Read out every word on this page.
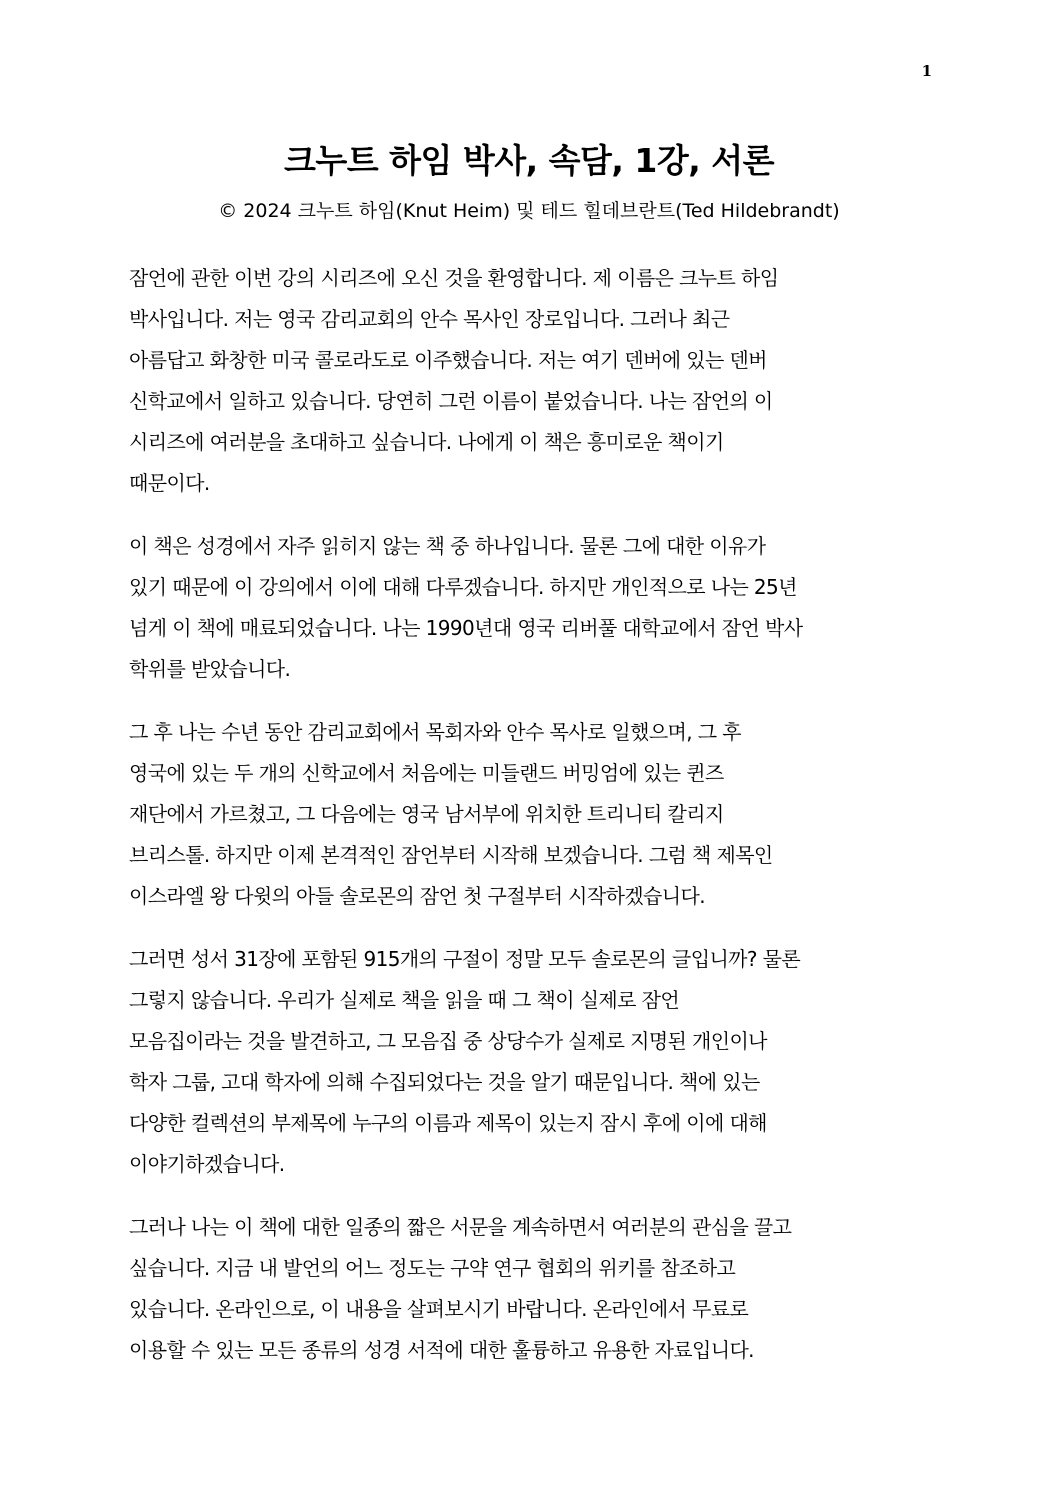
1
크누트 하임 박사, 속담, 1강, 서론

© 2024 크누트 하임(Knut Heim) 및 테드 힐데브란트(Ted Hildebrandt)

잠언에 관한 이번 강의 시리즈에 오신 것을 환영합니다. 제 이름은 크누트 하임
박사입니다. 저는 영국 감리교회의 안수 목사인 장로입니다. 그러나 최근
아름답고 화창한 미국 콜로라도로 이주했습니다. 저는 여기 덴버에 있는 덴버
신학교에서 일하고 있습니다. 당연히 그런 이름이 붙었습니다. 나는 잠언의 이
시리즈에 여러분을 초대하고 싶습니다. 나에게 이 책은 흥미로운 책이기
때문이다.

이 책은 성경에서 자주 읽히지 않는 책 중 하나입니다. 물론 그에 대한 이유가
있기 때문에 이 강의에서 이에 대해 다루겠습니다. 하지만 개인적으로 나는 25년
넘게 이 책에 매료되었습니다. 나는 1990년대 영국 리버풀 대학교에서 잠언 박사
학위를 받았습니다.

그 후 나는 수년 동안 감리교회에서 목회자와 안수 목사로 일했으며, 그 후
영국에 있는 두 개의 신학교에서 처음에는 미들랜드 버밍엄에 있는 퀸즈
재단에서 가르쳤고, 그 다음에는 영국 남서부에 위치한 트리니티 칼리지
브리스톨. 하지만 이제 본격적인 잠언부터 시작해 보겠습니다. 그럼 책 제목인
이스라엘 왕 다윗의 아들 솔로몬의 잠언 첫 구절부터 시작하겠습니다.

그러면 성서 31장에 포함된 915개의 구절이 정말 모두 솔로몬의 글입니까? 물론
그렇지 않습니다. 우리가 실제로 책을 읽을 때 그 책이 실제로 잠언
모음집이라는 것을 발견하고, 그 모음집 중 상당수가 실제로 지명된 개인이나
학자 그룹, 고대 학자에 의해 수집되었다는 것을 알기 때문입니다. 책에 있는
다양한 컬렉션의 부제목에 누구의 이름과 제목이 있는지 잠시 후에 이에 대해
이야기하겠습니다.

그러나 나는 이 책에 대한 일종의 짧은 서문을 계속하면서 여러분의 관심을 끌고
싶습니다. 지금 내 발언의 어느 정도는 구약 연구 협회의 위키를 참조하고
있습니다. 온라인으로, 이 내용을 살펴보시기 바랍니다. 온라인에서 무료로
이용할 수 있는 모든 종류의 성경 서적에 대한 훌륭하고 유용한 자료입니다.
